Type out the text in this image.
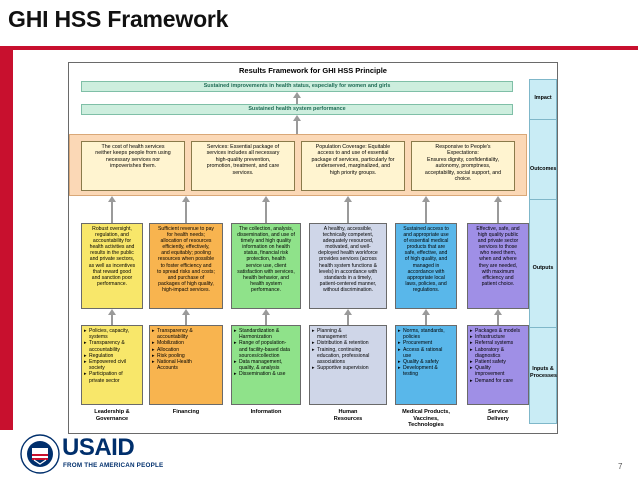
GHI HSS Framework
Results Framework for GHI HSS Principle
Sustained improvements in health status, especially for women and girls
Sustained health system performance
Impact
Outcomes
Outputs
Inputs &
Processes
The cost of health services
neither keeps people from using
necessary services nor
impoverishes them.
Services: Essential package of
services includes all necessary
high-quality prevention,
promotion, treatment, and care
services.
Population Coverage: Equitable
access to and use of essential
package of services, particularly for
underserved, marginalized, and
high priority groups.
Responsive to People's
Expectations:
Ensures dignity, confidentiality,
autonomy, promptness,
acceptability, social support, and
choice.
Robust oversight,
regulation, and
accountability for
health activities and
results in the public
and private sectors,
as well as incentives
that reward good
and sanction poor
performance.
Sufficient revenue to pay
for health needs;
allocation of resources
efficiently, effectively,
and equitably; pooling
resources when possible
to foster efficiency and
to spread risks and costs;
and purchase of
packages of high quality,
high-impact services.
The collection, analysis,
dissemination, and use of
timely and high quality
information on health
status, financial risk
protection, health
service use, client
satisfaction with services,
health behavior, and
health system
performance.
A healthy, accessible,
technically competent,
adequately resourced,
motivated, and well-
deployed health workforce
provides services (across
health system functions &
levels) in accordance with
standards in a timely,
patient-centered manner,
without discrimination.
Sustained access to
and appropriate use
of essential medical
products that are
safe, effective, and
of high quality, and
managed in
accordance with
appropriate local
laws, policies, and
regulations.
Effective, safe, and
high quality public
and private sector
services to those
who need them,
when and where
they are needed,
with maximum
efficiency and
patient choice.
▸ Policies, capacity,
systems
▸ Transparency &
accountability
▸ Regulation
▸ Empowered civil
society
▸ Participation of
private sector
▸ Transparency &
accountability
▸ Mobilization
▸ Allocation
▸ Risk pooling
▸ National Health
Accounts
▸ Standardization &
Harmonization
▸ Range of population-
and facility-based data
sources/collection
▸ Data management,
quality, & analysis
▸ Dissemination & use
▸ Planning &
management
▸ Distribution & retention
▸ Training, continuing
education, professional
associations
▸ Supportive supervision
▸ Norms, standards,
policies
▸ Procurement
▸ Access & rational
use
▸ Quality & safety
▸ Development &
testing
▸ Packages & models
▸ Infrastructure
▸ Referral systems
▸ Laboratory &
diagnostics
▸ Patient safety
▸ Quality
improvement
▸ Demand for care
Leadership &
Governance
Financing	Information	Human
Resources
Medical Products,
Vaccines,
Technologies
Service
Delivery
USAID
FROM THE AMERICAN PEOPLE	7
